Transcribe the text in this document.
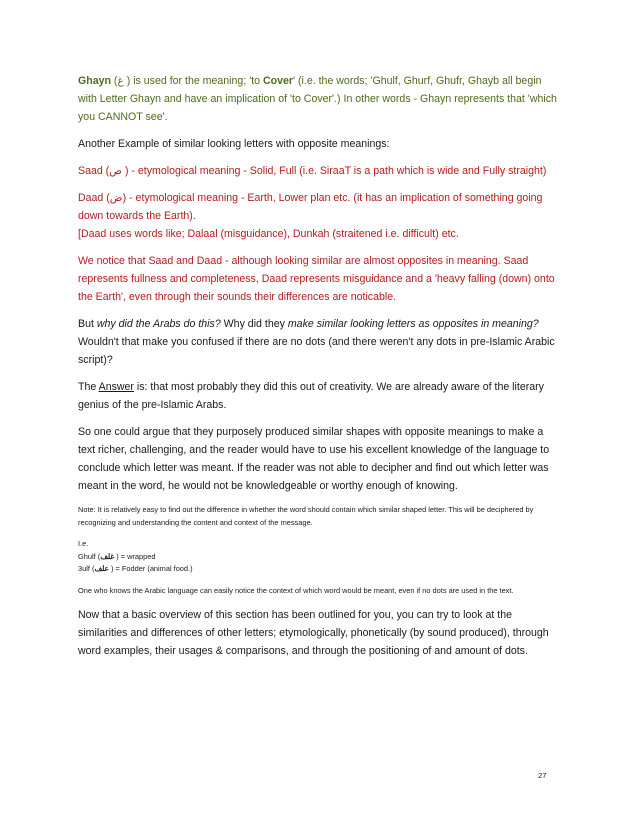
Ghayn (غ ) is used for the meaning; 'to Cover' (i.e. the words; 'Ghulf, Ghurf, Ghufr, Ghayb all begin with Letter Ghayn and have an implication of 'to Cover'.) In other words - Ghayn represents that 'which you CANNOT see'.

Another Example of similar looking letters with opposite meanings:

Saad (ص ) - etymological meaning - Solid, Full (i.e. SiraaT is a path which is wide and Fully straight)

Daad (ض) - etymological meaning - Earth, Lower plan etc. (it has an implication of something going down towards the Earth).

[Daad uses words like; Dalaal (misguidance), Dunkah (straitened i.e. difficult) etc.

We notice that Saad and Daad - although looking similar are almost opposites in meaning. Saad represents fullness and completeness, Daad represents misguidance and a 'heavy falling (down) onto the Earth', even through their sounds their differences are noticable.

But why did the Arabs do this? Why did they make similar looking letters as opposites in meaning? Wouldn't that make you confused if there are no dots (and there weren't any dots in pre-Islamic Arabic script)?

The Answer is: that most probably they did this out of creativity. We are already aware of the literary genius of the pre-Islamic Arabs.

So one could argue that they purposely produced similar shapes with opposite meanings to make a text richer, challenging, and the reader would have to use his excellent knowledge of the language to conclude which letter was meant. If the reader was not able to decipher and find out which letter was meant in the word, he would not be knowledgeable or worthy enough of knowing.

Note: It is relatively easy to find out the difference in whether the word should contain which similar shaped letter. This will be deciphered by recognizing and understanding the content and context of the message.

I.e.

Ghulf (غلف ) = wrapped

3ulf (علف ) = Fodder (animal food.)

One who knows the Arabic language can easily notice the context of which word would be meant, even if no dots are used in the text.

Now that a basic overview of this section has been outlined for you, you can try to look at the similarities and differences of other letters; etymologically, phonetically (by sound produced), through word examples, their usages & comparisons, and through the positioning of and amount of dots.

27
